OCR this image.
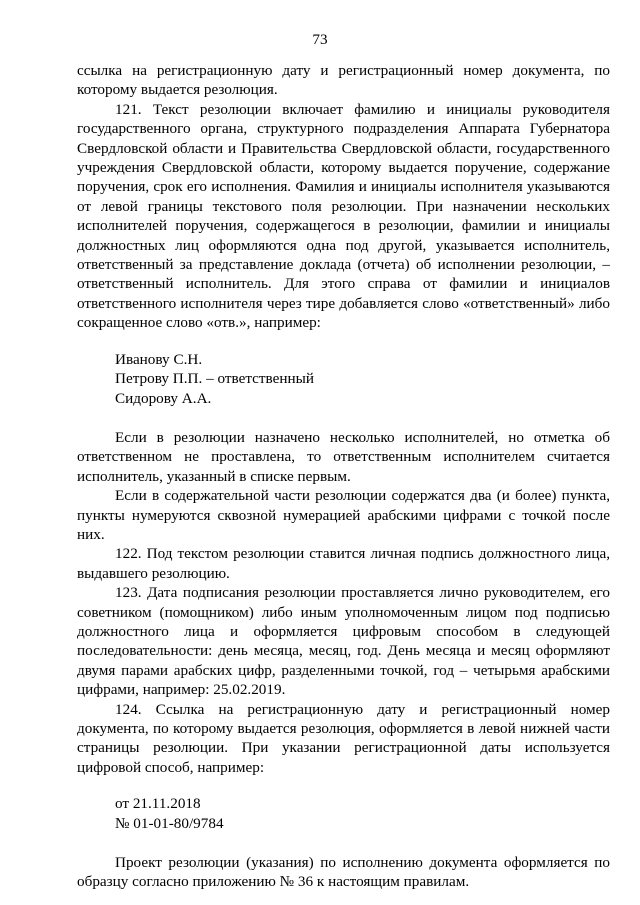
73

ссылка на регистрационную дату и регистрационный номер документа, по которому выдается резолюция.

121. Текст резолюции включает фамилию и инициалы руководителя государственного органа, структурного подразделения Аппарата Губернатора Свердловской области и Правительства Свердловской области, государственного учреждения Свердловской области, которому выдается поручение, содержание поручения, срок его исполнения. Фамилия и инициалы исполнителя указываются от левой границы текстового поля резолюции. При назначении нескольких исполнителей поручения, содержащегося в резолюции, фамилии и инициалы должностных лиц оформляются одна под другой, указывается исполнитель, ответственный за представление доклада (отчета) об исполнении резолюции, – ответственный исполнитель. Для этого справа от фамилии и инициалов ответственного исполнителя через тире добавляется слово «ответственный» либо сокращенное слово «отв.», например:

Иванову С.Н.

Петрову П.П. – ответственный

Сидорову А.А.

Если в резолюции назначено несколько исполнителей, но отметка об ответственном не проставлена, то ответственным исполнителем считается исполнитель, указанный в списке первым.

Если в содержательной части резолюции содержатся два (и более) пункта, пункты нумеруются сквозной нумерацией арабскими цифрами с точкой после них.

122. Под текстом резолюции ставится личная подпись должностного лица, выдавшего резолюцию.

123. Дата подписания резолюции проставляется лично руководителем, его советником (помощником) либо иным уполномоченным лицом под подписью должностного лица и оформляется цифровым способом в следующей последовательности: день месяца, месяц, год. День месяца и месяц оформляют двумя парами арабских цифр, разделенными точкой, год – четырьмя арабскими цифрами, например: 25.02.2019.

124. Ссылка на регистрационную дату и регистрационный номер документа, по которому выдается резолюция, оформляется в левой нижней части страницы резолюции. При указании регистрационной даты используется цифровой способ, например:

от 21.11.2018

№ 01-01-80/9784

Проект резолюции (указания) по исполнению документа оформляется по образцу согласно приложению № 36 к настоящим правилам.
